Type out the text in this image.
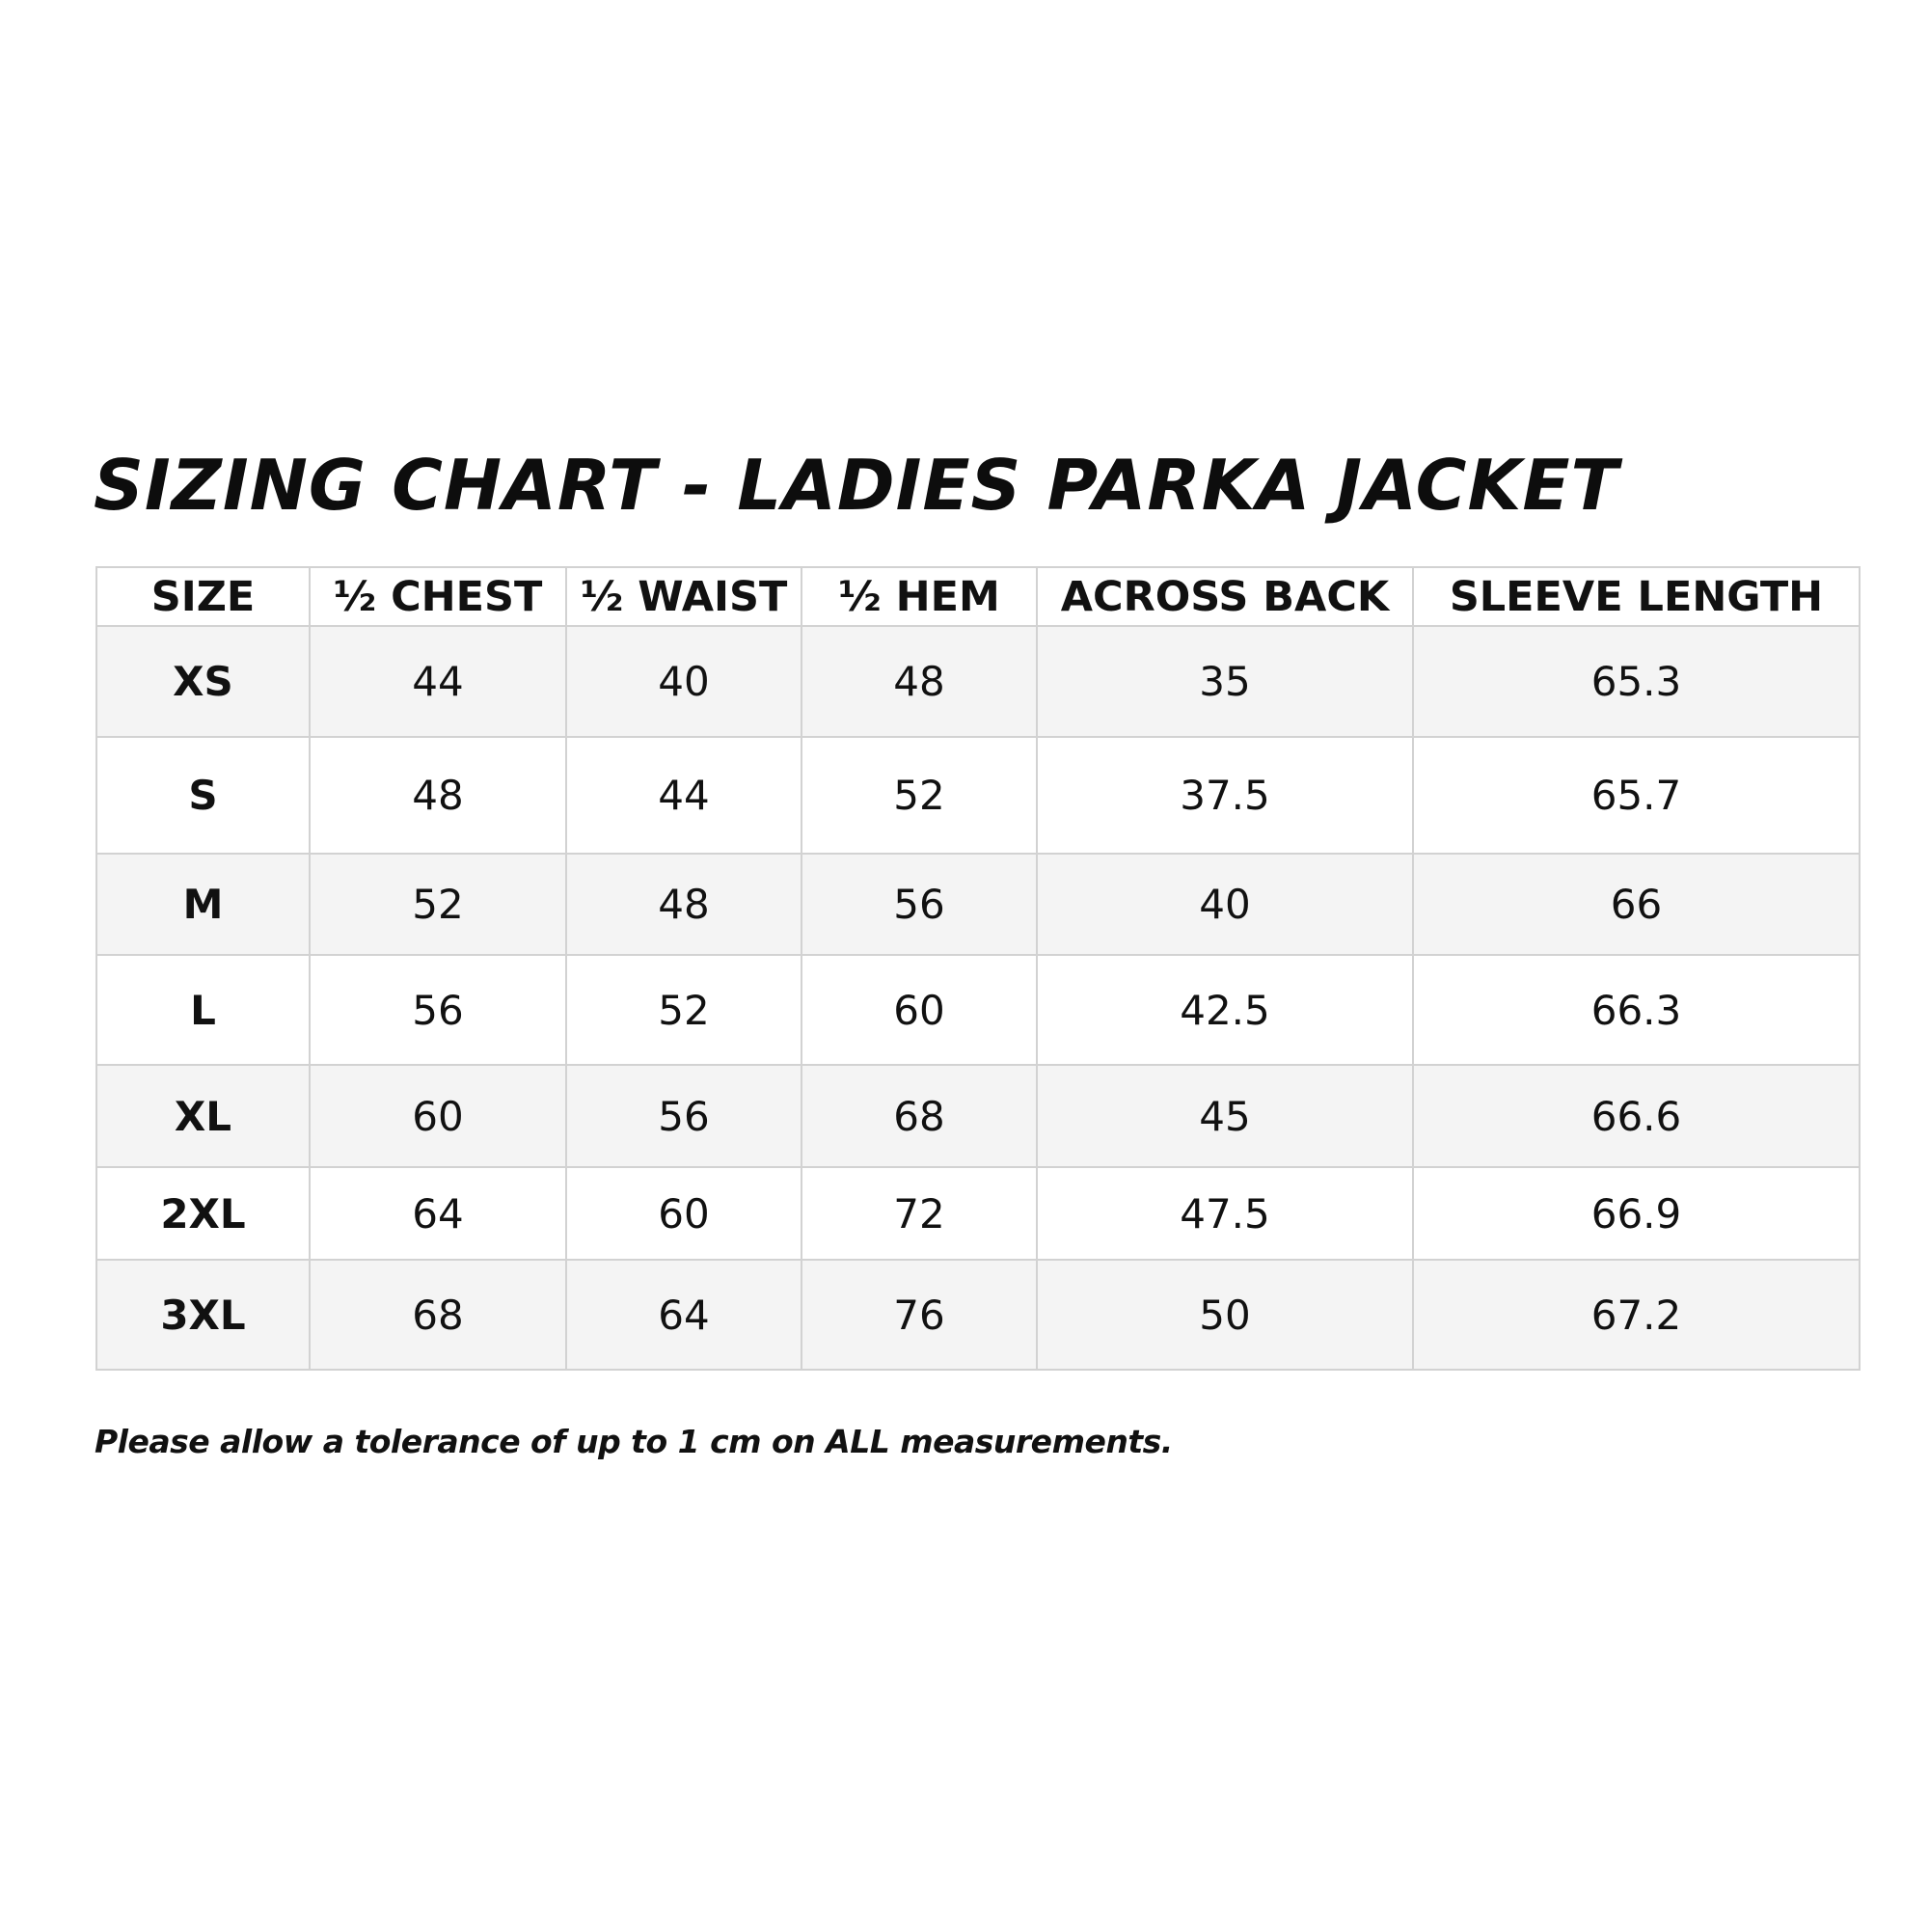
SIZING CHART - LADIES PARKA JACKET
SIZE	½ CHEST	½ WAIST	½ HEM	ACROSS BACK	SLEEVE LENGTH
XS	44	40	48	35	65.3
S	48	44	52	37.5	65.7
M	52	48	56	40	66
L	56	52	60	42.5	66.3
XL	60	56	68	45	66.6
2XL	64	60	72	47.5	66.9
3XL	68	64	76	50	67.2

Please allow a tolerance of up to 1 cm on ALL measurements.
